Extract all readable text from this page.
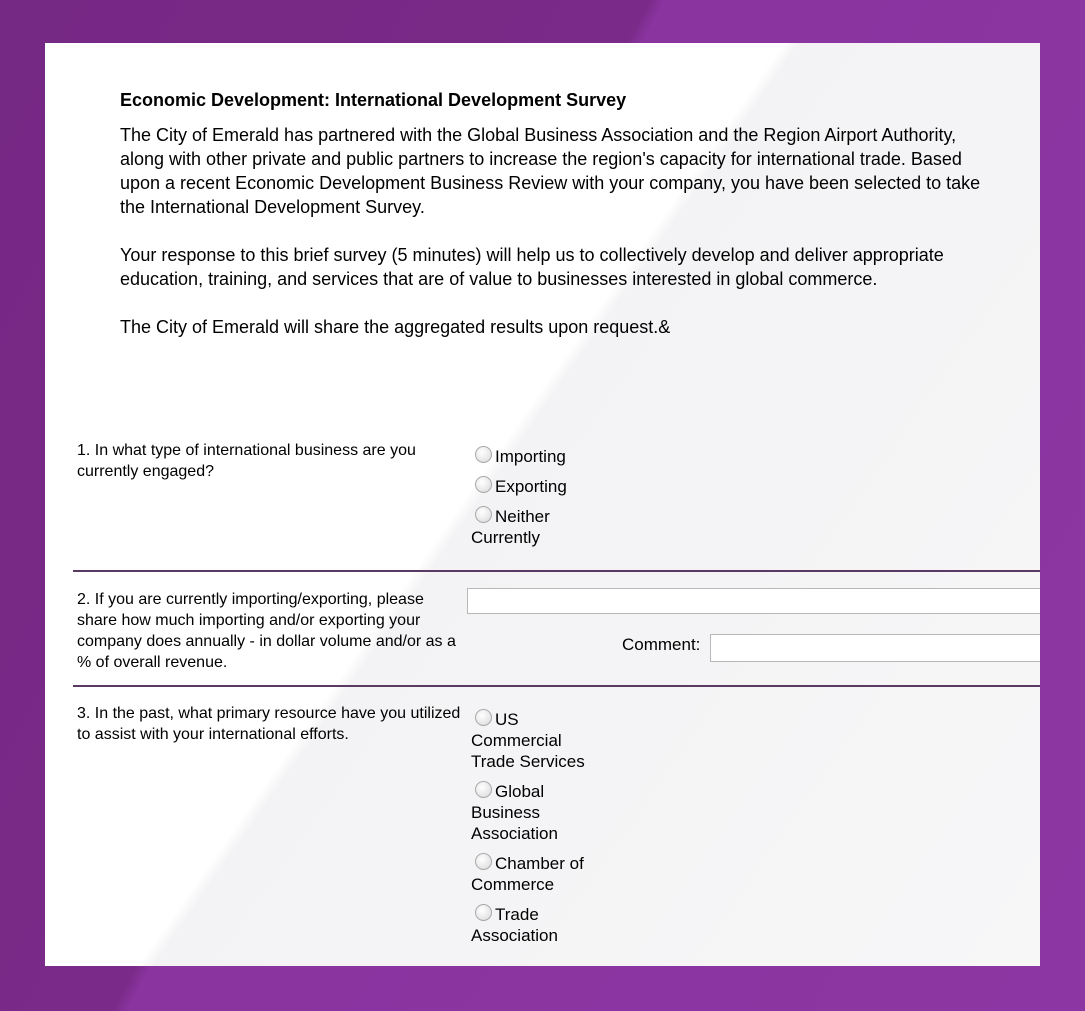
Economic Development: International Development Survey

The City of Emerald has partnered with the Global Business Association and the Region Airport Authority, along with other private and public partners to increase the region's capacity for international trade. Based upon a recent Economic Development Business Review with your company, you have been selected to take the International Development Survey.

Your response to this brief survey (5 minutes) will help us to collectively develop and deliver appropriate education, training, and services that are of value to businesses interested in global commerce.

The City of Emerald will share the aggregated results upon request.&

1. In what type of international business are you currently engaged?
Importing
Exporting
Neither Currently
2. If you are currently importing/exporting, please share how much importing and/or exporting your company does annually - in dollar volume and/or as a % of overall revenue.
Comment:
3. In the past, what primary resource have you utilized to assist with your international efforts.
US Commercial Trade Services
Global Business Association
Chamber of Commerce
Trade Association
